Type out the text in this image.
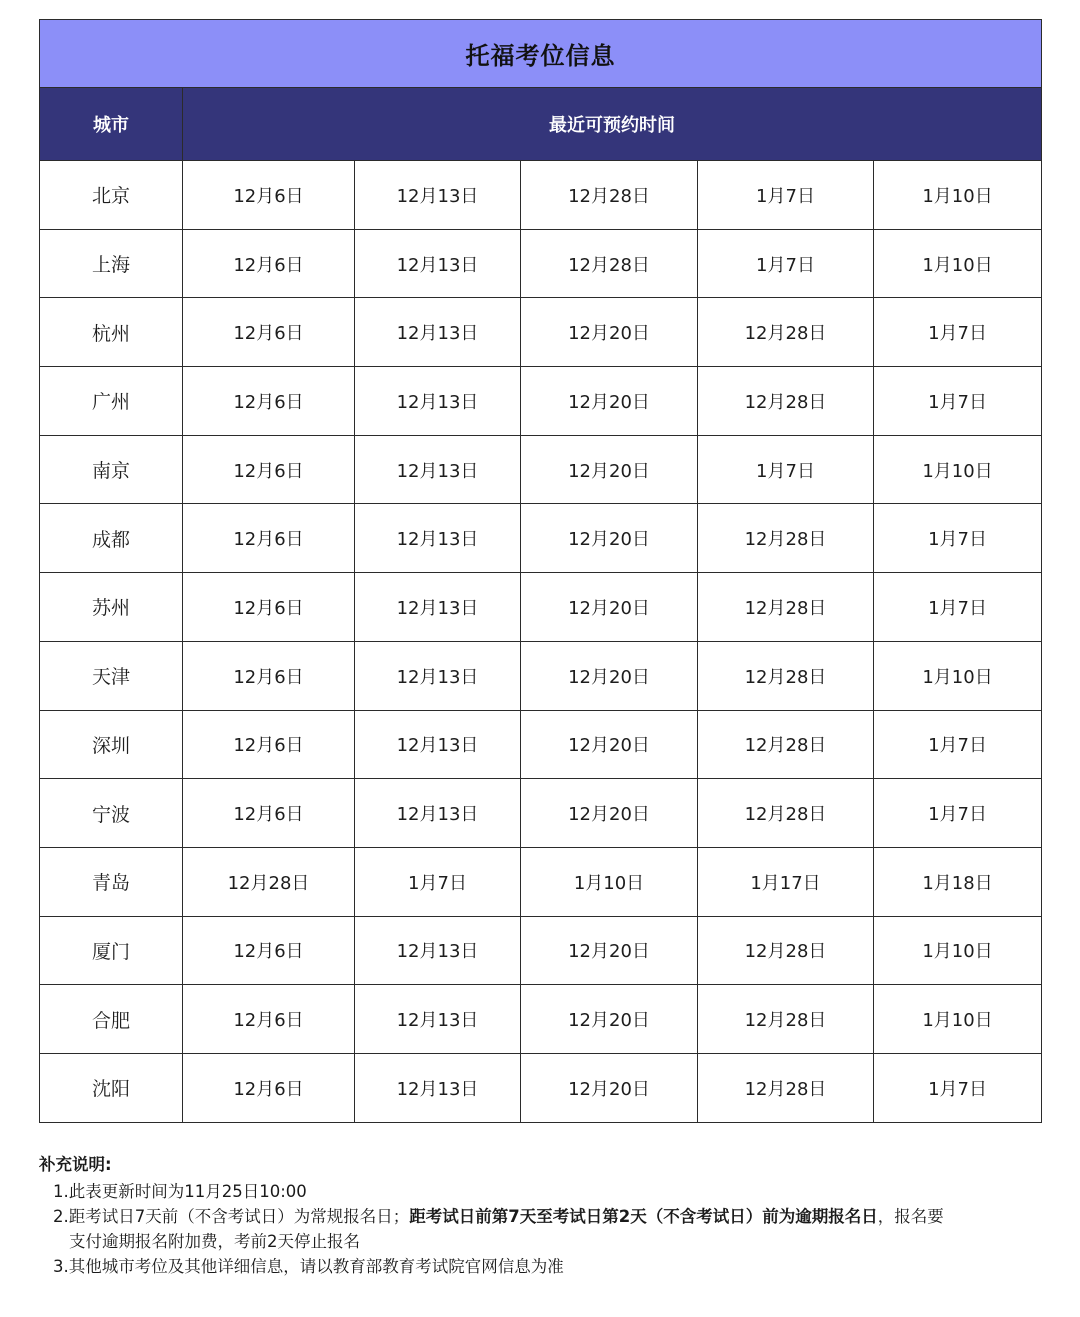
托福考位信息					
城市	最近可预约时间				
北京	12月6日	12月13日	12月28日	1月7日	1月10日
上海	12月6日	12月13日	12月28日	1月7日	1月10日
杭州	12月6日	12月13日	12月20日	12月28日	1月7日
广州	12月6日	12月13日	12月20日	12月28日	1月7日
南京	12月6日	12月13日	12月20日	1月7日	1月10日
成都	12月6日	12月13日	12月20日	12月28日	1月7日
苏州	12月6日	12月13日	12月20日	12月28日	1月7日
天津	12月6日	12月13日	12月20日	12月28日	1月10日
深圳	12月6日	12月13日	12月20日	12月28日	1月7日
宁波	12月6日	12月13日	12月20日	12月28日	1月7日
青岛	12月28日	1月7日	1月10日	1月17日	1月18日
厦门	12月6日	12月13日	12月20日	12月28日	1月10日
合肥	12月6日	12月13日	12月20日	12月28日	1月10日
沈阳	12月6日	12月13日	12月20日	12月28日	1月7日
补充说明:
1.此表更新时间为11月25日10:00
2.距考试日7天前（不含考试日）为常规报名日；距考试日前第7天至考试日第2天（不含考试日）前为逾期报名日，报名要
支付逾期报名附加费，考前2天停止报名
3.其他城市考位及其他详细信息，请以教育部教育考试院官网信息为准
